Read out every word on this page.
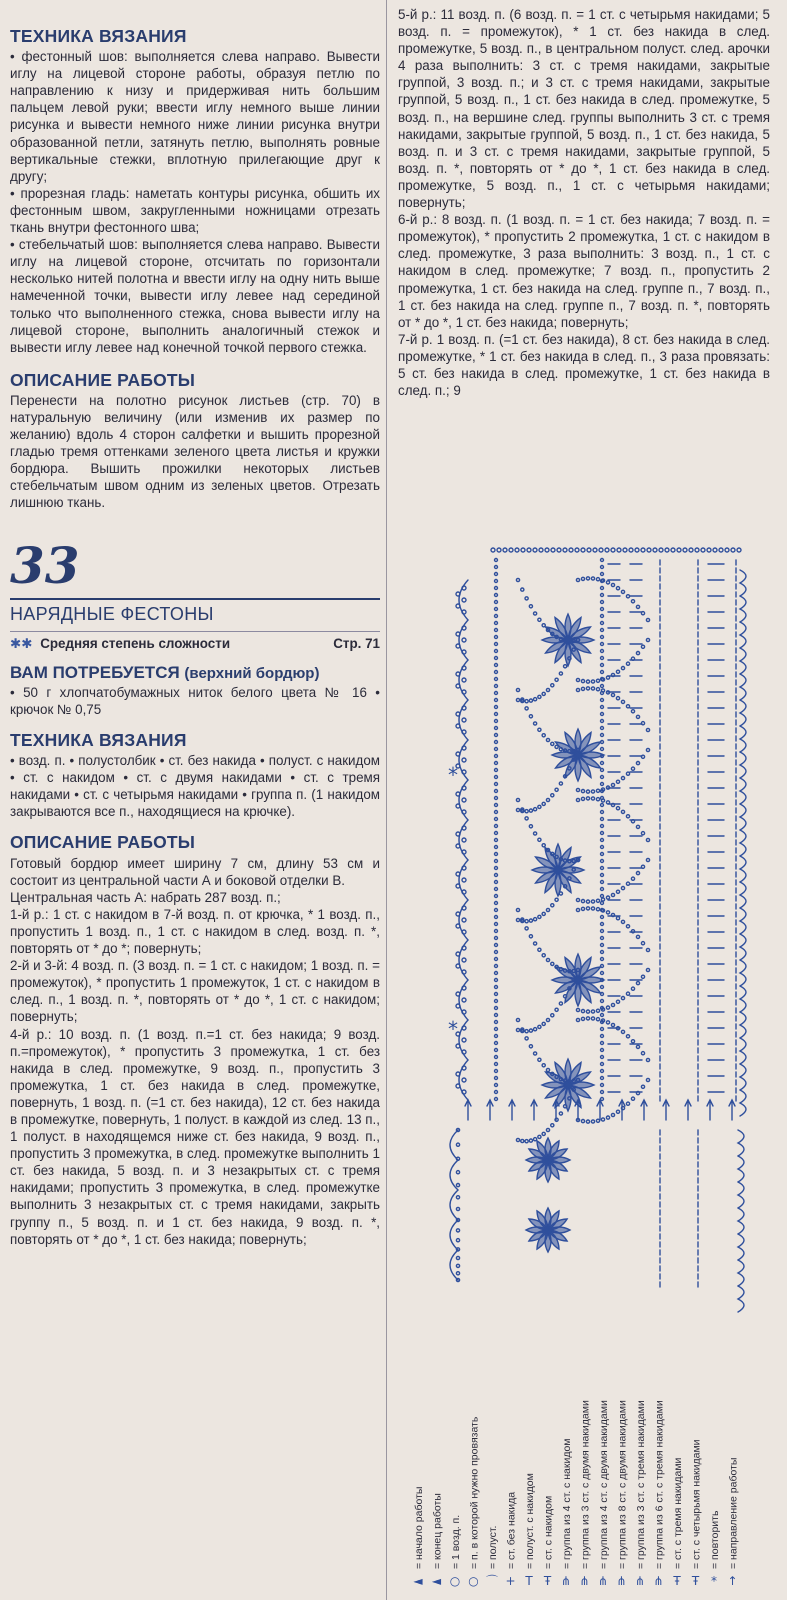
ТЕХНИКА ВЯЗАНИЯ
• фестонный шов: выполняется слева направо. Вывести иглу на лицевой стороне работы, образуя петлю по направлению к низу и придерживая нить большим пальцем левой руки; ввести иглу немного выше линии рисунка и вывести немного ниже линии рисунка внутри образованной петли, затянуть петлю, выполнять ровные вертикальные стежки, вплотную прилегающие друг к другу;
• прорезная гладь: наметать контуры рисунка, обшить их фестонным швом, закругленными ножницами отрезать ткань внутри фестонного шва;
• стебельчатый шов: выполняется слева направо. Вывести иглу на лицевой стороне, отсчитать по горизонтали несколько нитей полотна и ввести иглу на одну нить выше намеченной точки, вывести иглу левее над серединой только что выполненного стежка, снова вывести иглу на лицевой стороне, выполнить аналогичный стежок и вывести иглу левее над конечной точкой первого стежка.
ОПИСАНИЕ РАБОТЫ
Перенести на полотно рисунок листьев (стр. 70) в натуральную величину (или изменив их размер по желанию) вдоль 4 сторон салфетки и вышить прорезной гладью тремя оттенками зеленого цвета листья и кружки бордюра. Вышить прожилки некоторых листьев стебельчатым швом одним из зеленых цветов. Отрезать лишнюю ткань.
33
НАРЯДНЫЕ ФЕСТОНЫ
✱✱ Средняя степень сложности	Стр. 71
ВАМ ПОТРЕБУЕТСЯ (верхний бордюр)
• 50 г хлопчатобумажных ниток белого цвета № 16 • крючок № 0,75
ТЕХНИКА ВЯЗАНИЯ
• возд. п. • полустолбик • ст. без накида • полуст. с накидом • ст. с накидом • ст. с двумя накидами • ст. с тремя накидами • ст. с четырьмя накидами • группа п. (1 накидом закрываются все п., находящиеся на крючке).
ОПИСАНИЕ РАБОТЫ
Готовый бордюр имеет ширину 7 см, длину 53 см и состоит из центральной части А и боковой отделки В.
Центральная часть А: набрать 287 возд. п.;
1-й р.: 1 ст. с накидом в 7-й возд. п. от крючка, * 1 возд. п., пропустить 1 возд. п., 1 ст. с накидом в след. возд. п. *, повторять от * до *; повернуть;
2-й и 3-й: 4 возд. п. (3 возд. п. = 1 ст. с накидом; 1 возд. п. = промежуток), * пропустить 1 промежуток, 1 ст. с накидом в след. п., 1 возд. п. *, повторять от * до *, 1 ст. с накидом; повернуть;
4-й р.: 10 возд. п. (1 возд. п.=1 ст. без накида; 9 возд. п.=промежуток), * пропустить 3 промежутка, 1 ст. без накида в след. промежутке, 9 возд. п., пропустить 3 промежутка, 1 ст. без накида в след. промежутке, повернуть, 1 возд. п. (=1 ст. без накида), 12 ст. без накида в промежутке, повернуть, 1 полуст. в каждой из след. 13 п., 1 полуст. в находящемся ниже ст. без накида, 9 возд. п., пропустить 3 промежутка, в след. промежутке выполнить 1 ст. без накида, 5 возд. п. и 3 незакрытых ст. с тремя накидами; пропустить 3 промежутка, в след. промежутке выполнить 3 незакрытых ст. с тремя накидами, закрыть группу п., 5 возд. п. и 1 ст. без накида, 9 возд. п. *, повторять от * до *, 1 ст. без накида; повернуть;
5-й р.: 11 возд. п. (6 возд. п. = 1 ст. с четырьмя накидами; 5 возд. п. = промежуток), * 1 ст. без накида в след. промежутке, 5 возд. п., в центральном полуст. след. арочки 4 раза выполнить: 3 ст. с тремя накидами, закрытые группой, 3 возд. п.; и 3 ст. с тремя накидами, закрытые группой, 5 возд. п., 1 ст. без накида в след. промежутке, 5 возд. п., на вершине след. группы выполнить 3 ст. с тремя накидами, закрытые группой, 5 возд. п., 1 ст. без накида, 5 возд. п. и 3 ст. с тремя накидами, закрытые группой, 5 возд. п. *, повторять от * до *, 1 ст. без накида в след. промежутке, 5 возд. п., 1 ст. с четырьмя накидами; повернуть;
6-й р.: 8 возд. п. (1 возд. п. = 1 ст. без накида; 7 возд. п. = промежуток), * пропустить 2 промежутка, 1 ст. с накидом в след. промежутке, 3 раза выполнить: 3 возд. п., 1 ст. с накидом в след. промежутке; 7 возд. п., пропустить 2 промежутка, 1 ст. без накида на след. группе п., 7 возд. п., 1 ст. без накида на след. группе п., 7 возд. п. *, повторять от * до *, 1 ст. без накида; повернуть;
7-й р. 1 возд. п. (=1 ст. без накида), 8 ст. без накида в след. промежутке, * 1 ст. без накида в след. п., 3 раза провязать: 5 ст. без накида в след. промежутке, 1 ст. без накида в след. п.; 9
*
*
◄
= начало работы
◄
= конец работы
○
= 1 возд. п.
○
= п. в которой нужно провязать
⌒
= полуст.
+
= ст. без накида
Т
= полуст. с накидом
Ŧ
= ст. с накидом
⋔
= группа из 4 ст. с накидом
⋔
= группа из 3 ст. с двумя накидами
⋔
= группа из 4 ст. с двумя накидами
⋔
= группа из 8 ст. с двумя накидами
⋔
= группа из 3 ст. с тремя накидами
⋔
= группа из 6 ст. с тремя накидами
Ŧ
= ст. с тремя накидами
Ŧ
= ст. с четырьмя накидами
*
= повторить
↑
= направление работы
